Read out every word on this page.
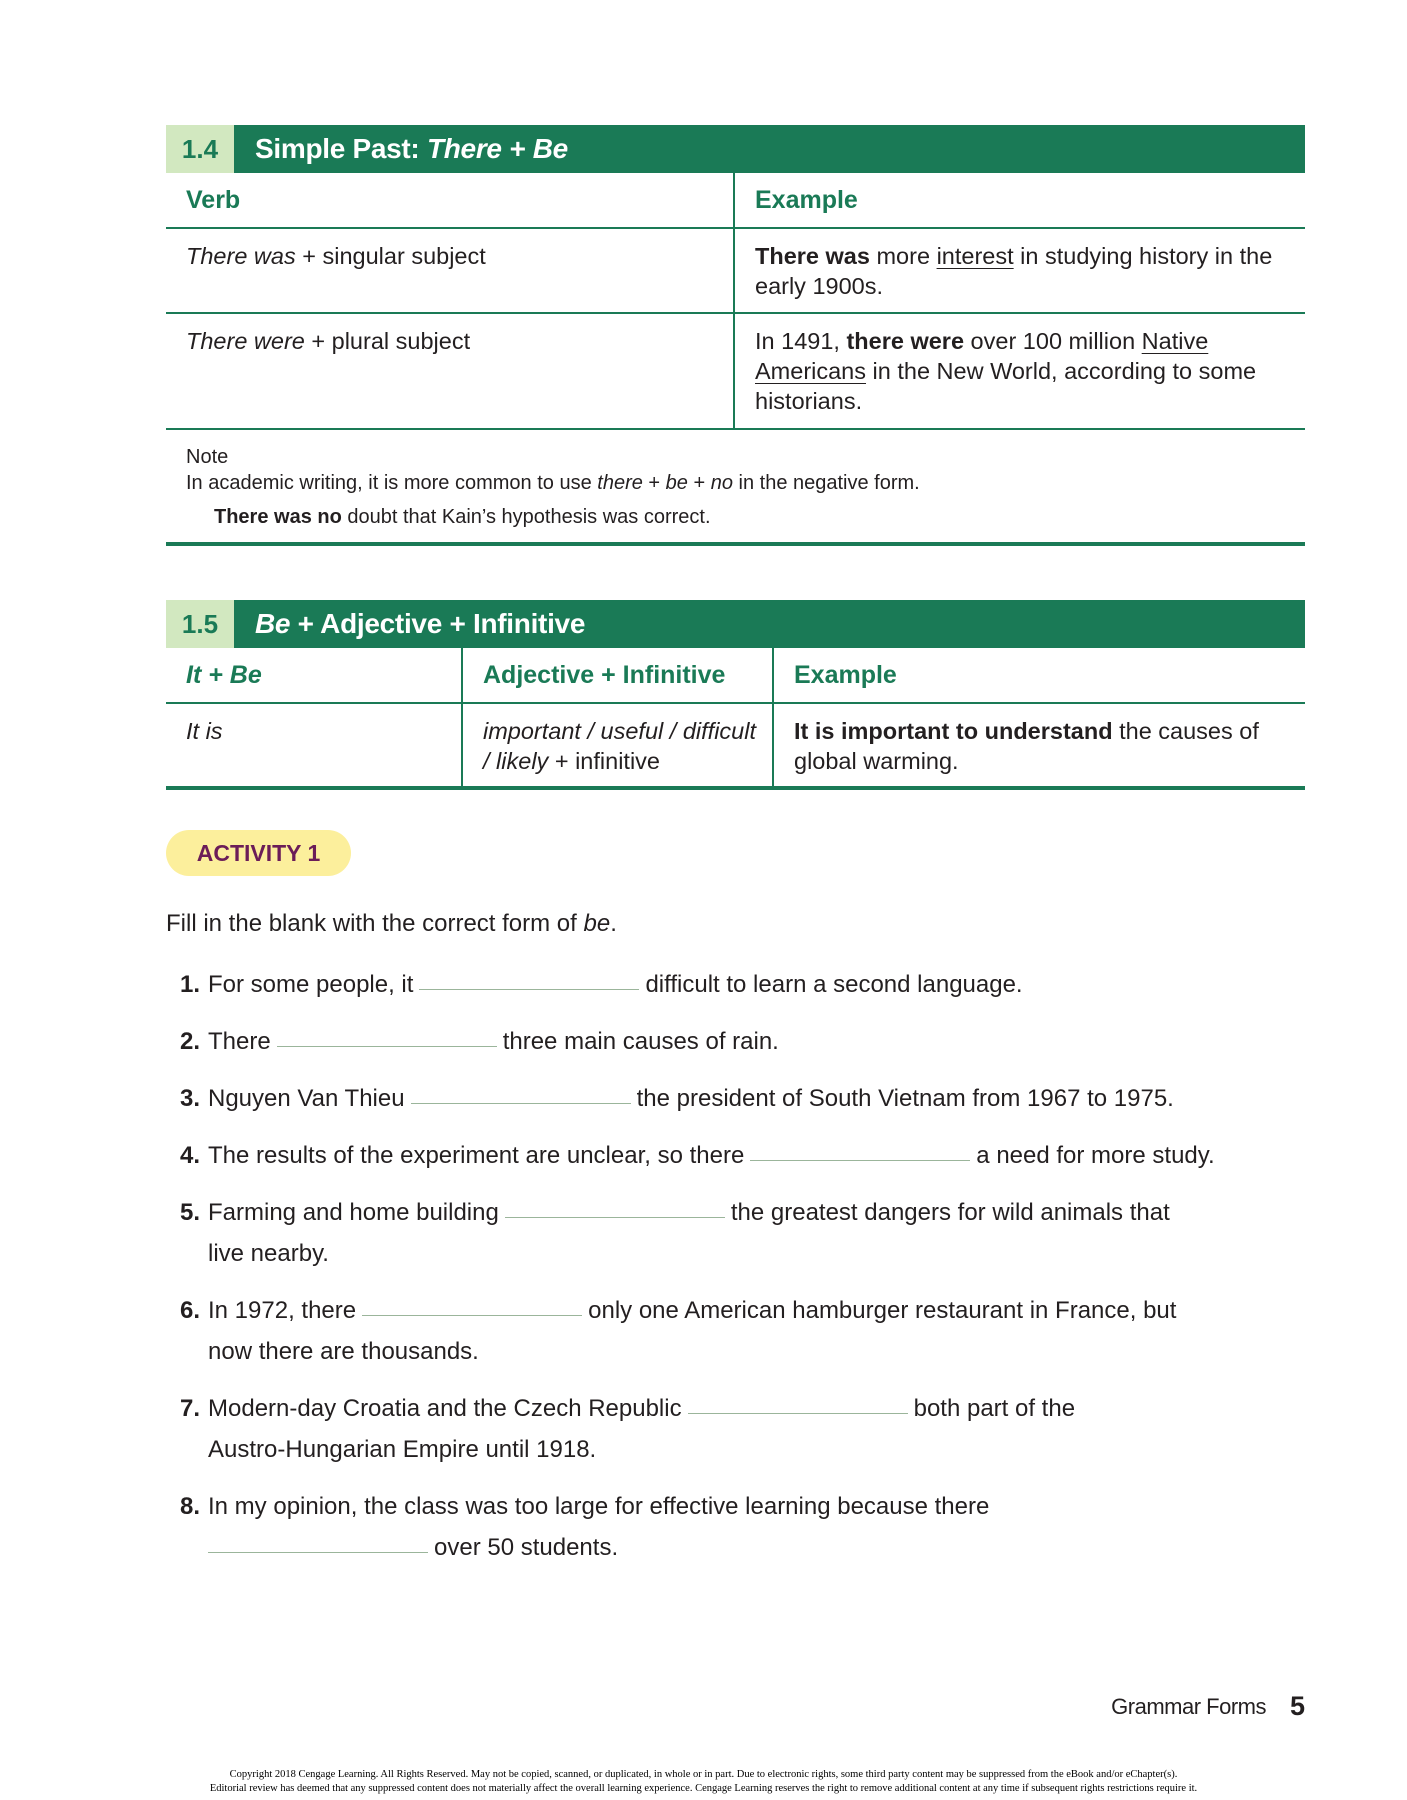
1.4	Simple Past: There + Be
Verb	Example
There was + singular subject	There was more interest in studying history in the early 1900s.
There were + plural subject	In 1491, there were over 100 million Native Americans in the New World, according to some historians.
Note
In academic writing, it is more common to use there + be + no in the negative form.
There was no doubt that Kain’s hypothesis was correct.
1.5	Be + Adjective + Infinitive
It + Be	Adjective + Infinitive	Example
It is	important / useful / difficult / likely + infinitive	It is important to understand the causes of global warming.
ACTIVITY 1

Fill in the blank with the correct form of be.

1. For some people, it	difficult to learn a second language.
2. There	three main causes of rain.
3. Nguyen Van Thieu	the president of South Vietnam from 1967 to 1975.
4. The results of the experiment are unclear, so there	a need for more study.
5. Farming and home building	the greatest dangers for wild animals that live nearby.
6. In 1972, there	only one American hamburger restaurant in France, but now there are thousands.
7. Modern-day Croatia and the Czech Republic	both part of the Austro-Hungarian Empire until 1918.
8. In my opinion, the class was too large for effective learning because there over 50 students.
Grammar Forms 5
Copyright 2018 Cengage Learning. All Rights Reserved. May not be copied, scanned, or duplicated, in whole or in part. Due to electronic rights, some third party content may be suppressed from the eBook and/or eChapter(s).
Editorial review has deemed that any suppressed content does not materially affect the overall learning experience. Cengage Learning reserves the right to remove additional content at any time if subsequent rights restrictions require it.
